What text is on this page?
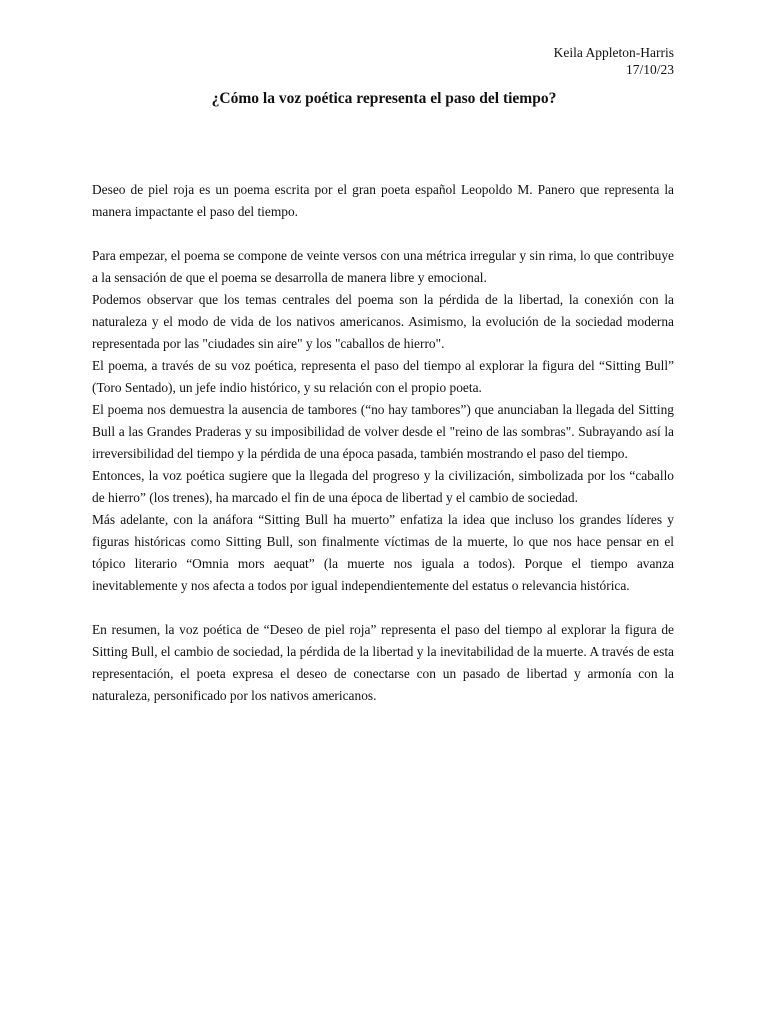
Keila Appleton-Harris
17/10/23
¿Cómo la voz poética representa el paso del tiempo?

Deseo de piel roja es un poema escrita por el gran poeta español Leopoldo M. Panero que representa la manera impactante el paso del tiempo.

Para empezar, el poema se compone de veinte versos con una métrica irregular y sin rima, lo que contribuye a la sensación de que el poema se desarrolla de manera libre y emocional.

Podemos observar que los temas centrales del poema son la pérdida de la libertad, la conexión con la naturaleza y el modo de vida de los nativos americanos. Asimismo, la evolución de la sociedad moderna representada por las "ciudades sin aire" y los "caballos de hierro".

El poema, a través de su voz poética, representa el paso del tiempo al explorar la figura del “Sitting Bull” (Toro Sentado), un jefe indio histórico, y su relación con el propio poeta.

El poema nos demuestra la ausencia de tambores (“no hay tambores”) que anunciaban la llegada del Sitting Bull a las Grandes Praderas y su imposibilidad de volver desde el "reino de las sombras". Subrayando así la irreversibilidad del tiempo y la pérdida de una época pasada, también mostrando el paso del tiempo.

Entonces, la voz poética sugiere que la llegada del progreso y la civilización, simbolizada por los “caballo de hierro” (los trenes), ha marcado el fin de una época de libertad y el cambio de sociedad.

Más adelante, con la anáfora “Sitting Bull ha muerto” enfatiza la idea que incluso los grandes líderes y figuras históricas como Sitting Bull, son finalmente víctimas de la muerte, lo que nos hace pensar en el tópico literario “Omnia mors aequat” (la muerte nos iguala a todos). Porque el tiempo avanza inevitablemente y nos afecta a todos por igual independientemente del estatus o relevancia histórica.

En resumen, la voz poética de “Deseo de piel roja” representa el paso del tiempo al explorar la figura de Sitting Bull, el cambio de sociedad, la pérdida de la libertad y la inevitabilidad de la muerte. A través de esta representación, el poeta expresa el deseo de conectarse con un pasado de libertad y armonía con la naturaleza, personificado por los nativos americanos.
